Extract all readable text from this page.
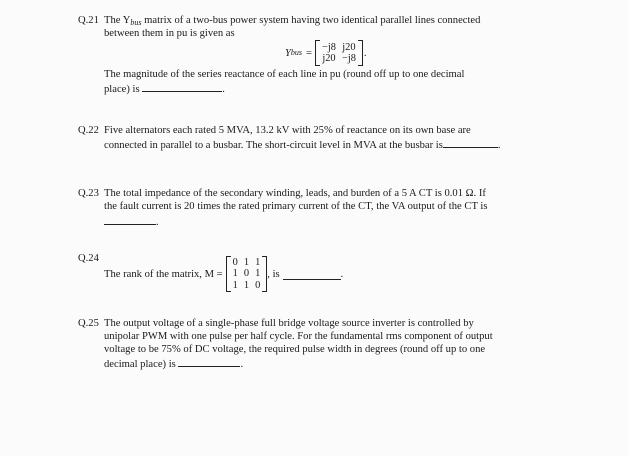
Q.21 The $Y_{bus}$ matrix of a two-bus power system having two identical parallel lines connected
between them in pu is given as
Y bus =
−j8 j20
j20 −j8 .
The magnitude of the series reactance of each line in pu (round off up to one decimal
place) is	.
Q.22 Five alternators each rated 5 MVA, 13.2 kV with 25% of reactance on its own base are
connected in parallel to a busbar. The short-circuit level in MVA at the busbar is	.
Q.23 The total impedance of the secondary winding, leads, and burden of a 5 A CT is 0.01 Ω. If
the fault current is 20 times the rated primary current of the CT, the VA output of the CT is
.
Q.24
The rank of the matrix, M =
0 1 1
1 0 1
1 1 0
, is	.
Q.25 The output voltage of a single-phase full bridge voltage source inverter is controlled by
unipolar PWM with one pulse per half cycle. For the fundamental rms component of output
voltage to be 75% of DC voltage, the required pulse width in degrees (round off up to one
decimal place) is	.
